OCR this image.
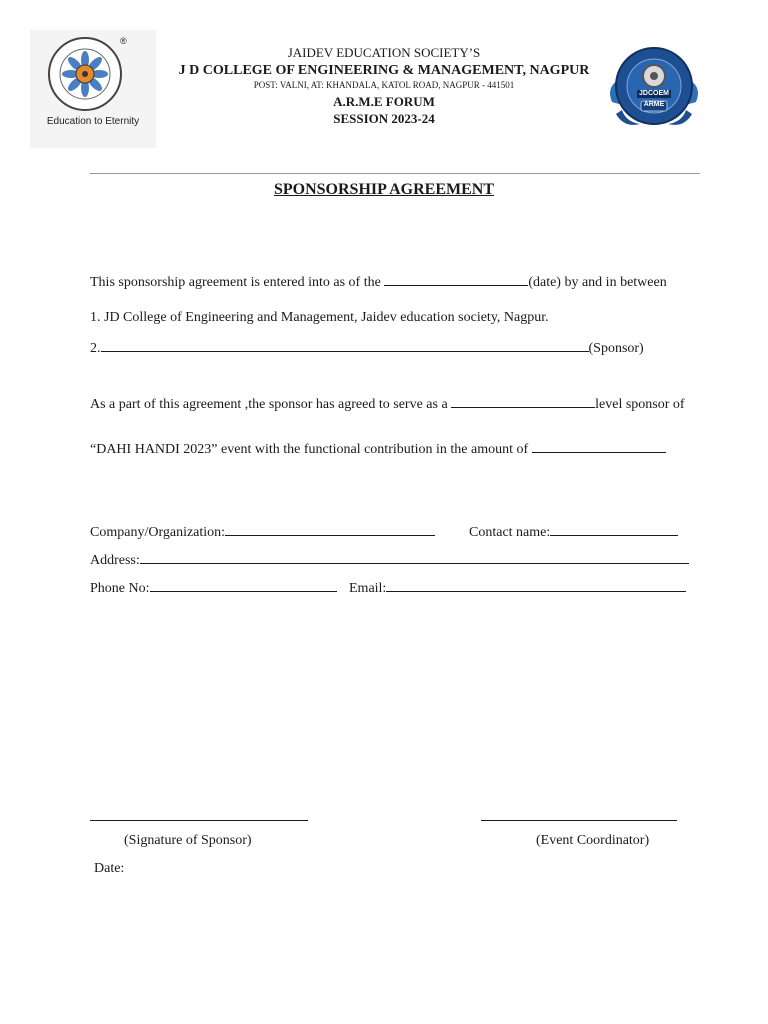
®
Education to Eternity
JAIDEV EDUCATION SOCIETY’S
J D COLLEGE OF ENGINEERING & MANAGEMENT, NAGPUR
POST: VALNI, AT: KHANDALA, KATOL ROAD, NAGPUR - 441501
A.R.M.E FORUM
SESSION 2023-24
JDCOEM
ARME
SPONSORSHIP AGREEMENT
This sponsorship agreement is entered into as of the	(date) by and in between
1. JD College of Engineering and Management, Jaidev education society, Nagpur.
2.	(Sponsor)
As a part of this agreement ,the sponsor has agreed to serve as a	level sponsor of
“DAHI HANDI 2023” event with the functional contribution in the amount of
Company/Organization:	Contact name:
Address:
Phone No:	Email:
(Signature of Sponsor)	(Event Coordinator)
Date:
